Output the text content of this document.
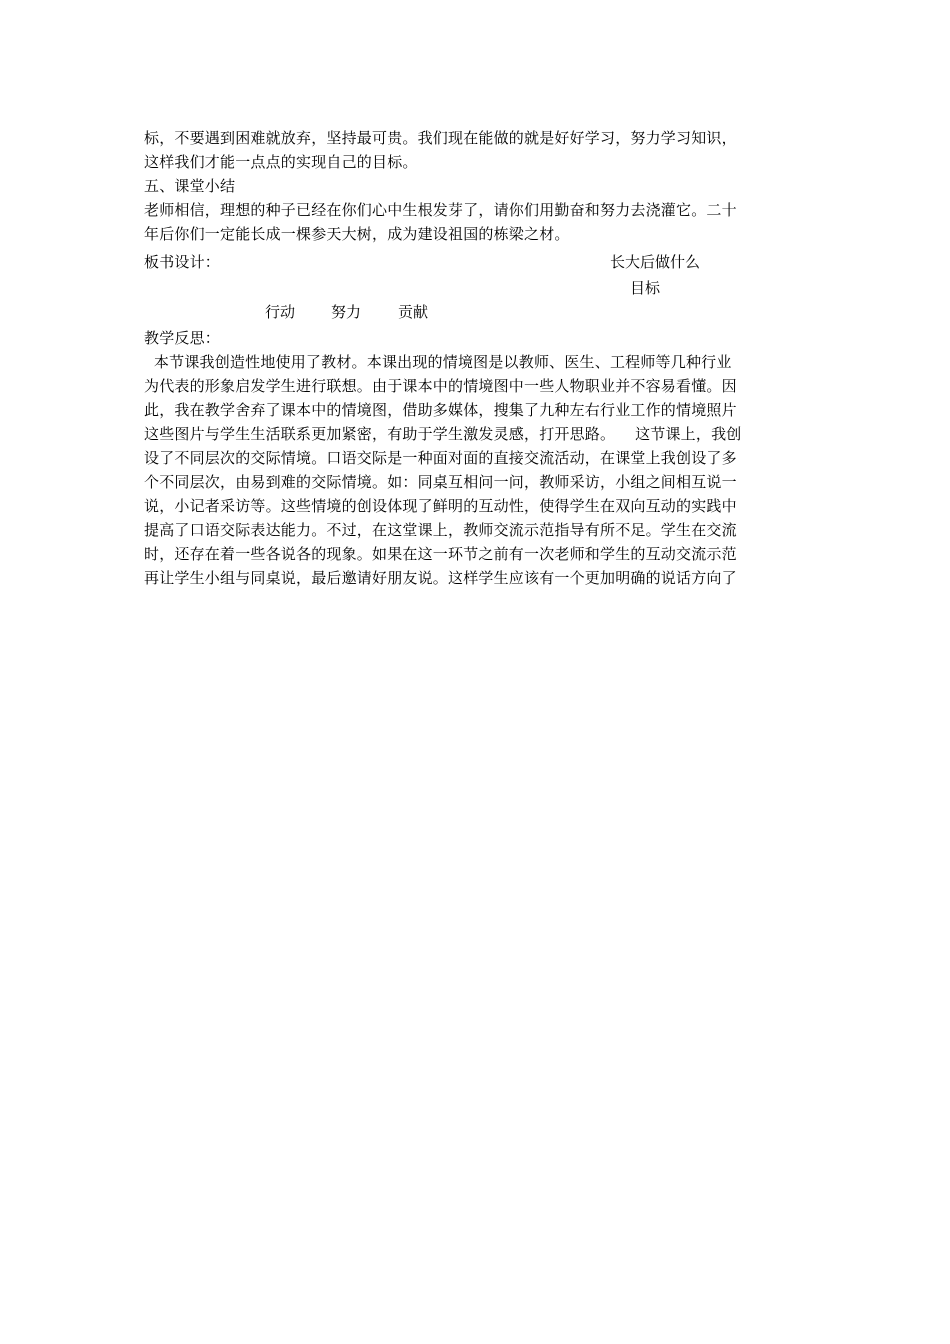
标，不要遇到困难就放弃，坚持最可贵。我们现在能做的就是好好学习，努力学习知识，
这样我们才能一点点的实现自己的目标。
五、课堂小结
老师相信，理想的种子已经在你们心中生根发芽了，请你们用勤奋和努力去浇灌它。二十
年后你们一定能长成一棵参天大树，成为建设祖国的栋梁之材。
板书设计：	长大后做什么
目标
行动 努力 贡献
教学反思：
本节课我创造性地使用了教材。本课出现的情境图是以教师、医生、工程师等几种行业
为代表的形象启发学生进行联想。由于课本中的情境图中一些人物职业并不容易看懂。因
此，我在教学舍弃了课本中的情境图，借助多媒体，搜集了九种左右行业工作的情境照片
这些图片与学生生活联系更加紧密，有助于学生激发灵感，打开思路。    这节课上，我创
设了不同层次的交际情境。口语交际是一种面对面的直接交流活动，在课堂上我创设了多
个不同层次，由易到难的交际情境。如：同桌互相问一问，教师采访，小组之间相互说一
说，小记者采访等。这些情境的创设体现了鲜明的互动性，使得学生在双向互动的实践中
提高了口语交际表达能力。不过，在这堂课上，教师交流示范指导有所不足。学生在交流
时，还存在着一些各说各的现象。如果在这一环节之前有一次老师和学生的互动交流示范
再让学生小组与同桌说，最后邀请好朋友说。这样学生应该有一个更加明确的说话方向了
